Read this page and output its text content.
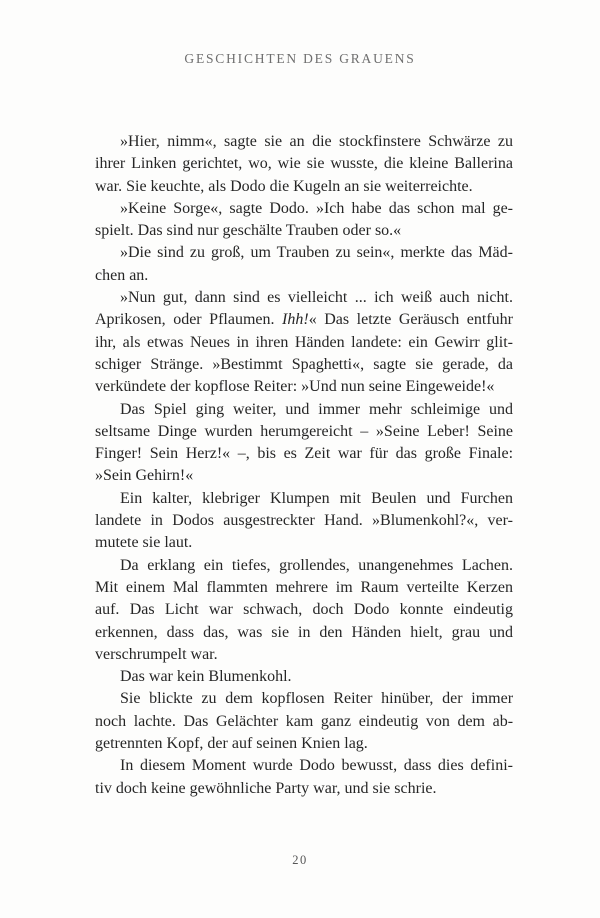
GESCHICHTEN DES GRAUENS
»Hier, nimm«, sagte sie an die stockfinstere Schwärze zu
ihrer Linken gerichtet, wo, wie sie wusste, die kleine Ballerina
war. Sie keuchte, als Dodo die Kugeln an sie weiterreichte.
»Keine Sorge«, sagte Dodo. »Ich habe das schon mal ge-
spielt. Das sind nur geschälte Trauben oder so.«
»Die sind zu groß, um Trauben zu sein«, merkte das Mäd-
chen an.
»Nun gut, dann sind es vielleicht ... ich weiß auch nicht.
Aprikosen, oder Pflaumen. Ihh!« Das letzte Geräusch entfuhr
ihr, als etwas Neues in ihren Händen landete: ein Gewirr glit-
schiger Stränge. »Bestimmt Spaghetti«, sagte sie gerade, da
verkündete der kopflose Reiter: »Und nun seine Eingeweide!«
Das Spiel ging weiter, und immer mehr schleimige und
seltsame Dinge wurden herumgereicht – »Seine Leber! Seine
Finger! Sein Herz!« –, bis es Zeit war für das große Finale:
»Sein Gehirn!«
Ein kalter, klebriger Klumpen mit Beulen und Furchen
landete in Dodos ausgestreckter Hand. »Blumenkohl?«, ver-
mutete sie laut.
Da erklang ein tiefes, grollendes, unangenehmes Lachen.
Mit einem Mal flammten mehrere im Raum verteilte Kerzen
auf. Das Licht war schwach, doch Dodo konnte eindeutig
erkennen, dass das, was sie in den Händen hielt, grau und
verschrumpelt war.
Das war kein Blumenkohl.
Sie blickte zu dem kopflosen Reiter hinüber, der immer
noch lachte. Das Gelächter kam ganz eindeutig von dem ab-
getrennten Kopf, der auf seinen Knien lag.
In diesem Moment wurde Dodo bewusst, dass dies defini-
tiv doch keine gewöhnliche Party war, und sie schrie.
20
